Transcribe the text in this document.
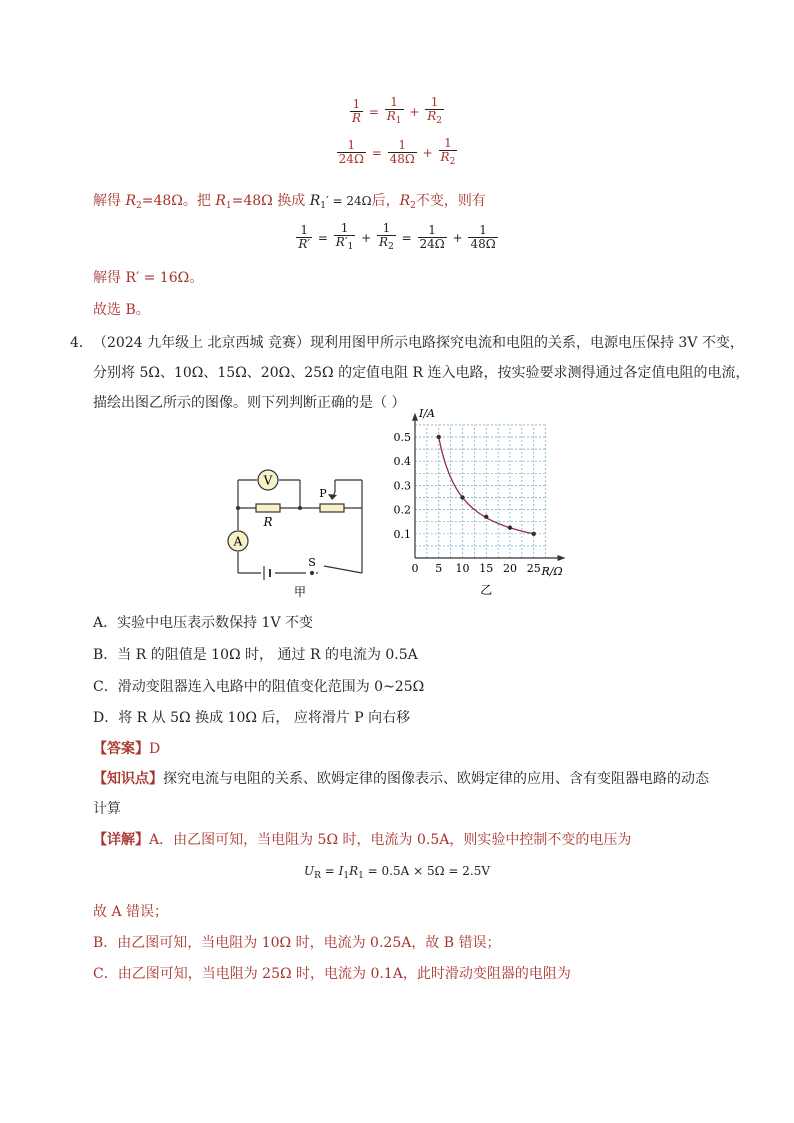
$\frac{1}{R} = \frac{1}{R_1} + \frac{1}{R_2}$
$\frac{1}{24\Omega} = \frac{1}{48\Omega} + \frac{1}{R_2}$
解得 $R_2=48\Omega$。把 $R_1=48\Omega$ 换成 $R_1' = 24\Omega$后，$R_2$不变，则有
$\frac{1}{R'} = \frac{1}{R'_1} + \frac{1}{R_2} = \frac{1}{24\Omega} + \frac{1}{48\Omega}$
解得 R′ = 16Ω。
故选 B。
4． （2024 九年级上 北京西城 竞赛）现利用图甲所示电路探究电流和电阻的关系，电源电压保持 3V 不变，
分别将 5Ω、10Ω、15Ω、20Ω、25Ω 的定值电阻 R 连入电路，按实验要求测得通过各定值电阻的电流，
描绘出图乙所示的图像。则下列判断正确的是（ ）
V
A
R
P
S
甲
0 5 10 15 20 25
0.1
0.2
0.3
0.4
0.5
I/A
R/Ω
乙
A．实验中电压表示数保持 1V 不变
B．当 R 的阻值是 10Ω 时， 通过 R 的电流为 0.5A
C．滑动变阻器连入电路中的阻值变化范围为 0~25Ω
D．将 R 从 5Ω 换成 10Ω 后， 应将滑片 P 向右移
【答案】D
【知识点】探究电流与电阻的关系、欧姆定律的图像表示、欧姆定律的应用、含有变阻器电路的动态
计算
【详解】A．由乙图可知，当电阻为 5Ω 时，电流为 0.5A，则实验中控制不变的电压为
$U_R = I_1R_1 = 0.5A \times 5\Omega = 2.5V$
故 A 错误；
B．由乙图可知，当电阻为 10Ω 时，电流为 0.25A，故 B 错误；
C．由乙图可知，当电阻为 25Ω 时，电流为 0.1A，此时滑动变阻器的电阻为
